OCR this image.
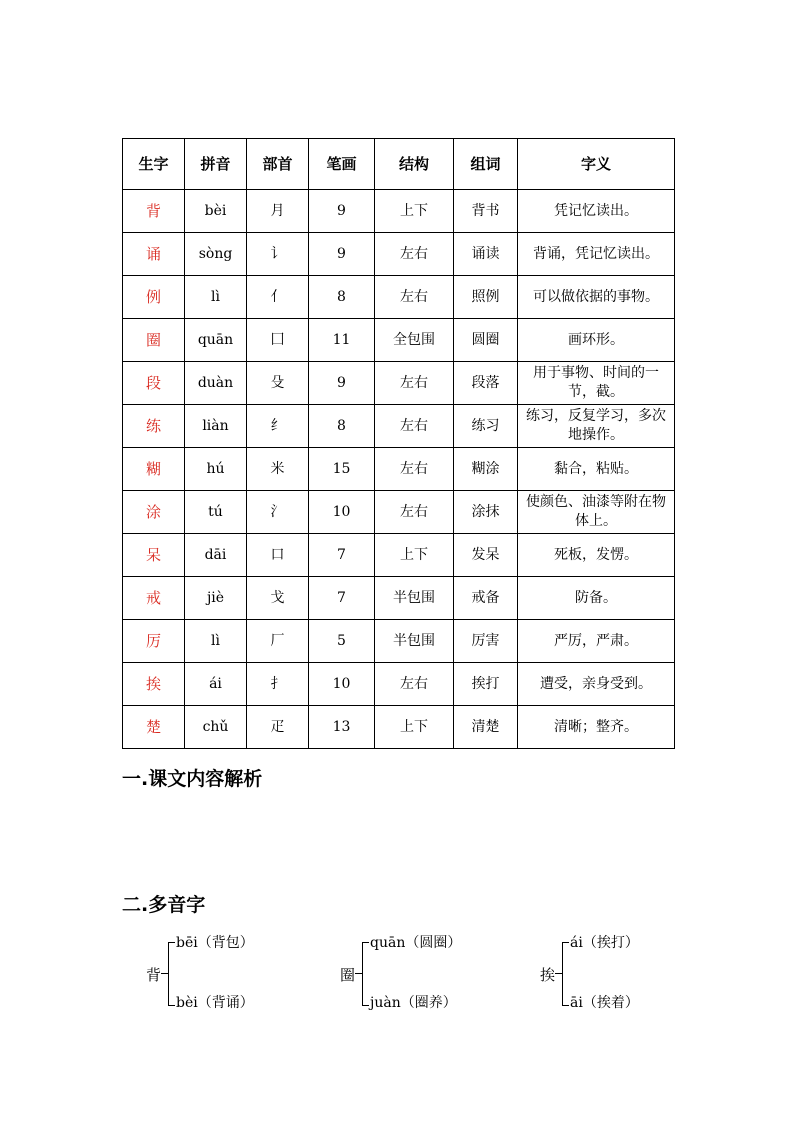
生字	拼音	部首	笔画	结构	组词	字义
背	bèi	月	9	上下	背书	凭记忆读出。
诵	sòng	讠	9	左右	诵读	背诵，凭记忆读出。
例	lì	亻	8	左右	照例	可以做依据的事物。
圈	quān	囗	11	全包围	圆圈	画环形。
段	duàn	殳	9	左右	段落	用于事物、时间的一节，截。
练	liàn	纟	8	左右	练习	练习，反复学习，多次地操作。
糊	hú	米	15	左右	糊涂	黏合，粘贴。
涂	tú	氵	10	左右	涂抹	使颜色、油漆等附在物体上。
呆	dāi	口	7	上下	发呆	死板，发愣。
戒	jiè	戈	7	半包围	戒备	防备。
厉	lì	厂	5	半包围	厉害	严厉，严肃。
挨	ái	扌	10	左右	挨打	遭受，亲身受到。
楚	chǔ	疋	13	上下	清楚	清晰；整齐。
一.课文内容解析
二.多音字
背
bēi（背包）
bèi（背诵）
圈
quān（圆圈）
juàn（圈养）
挨
ái（挨打）
āi（挨着）
